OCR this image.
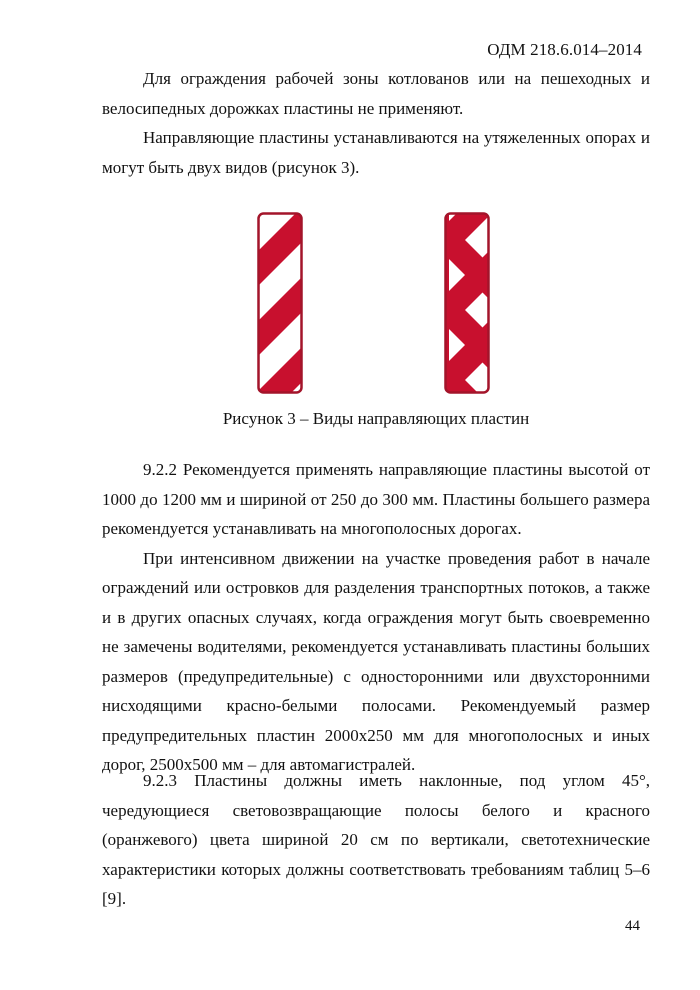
ОДМ 218.6.014–2014

Для ограждения рабочей зоны котлованов или на пешеходных и велосипедных дорожках пластины не применяют.

Направляющие пластины устанавливаются на утяжеленных опорах и могут быть двух видов (рисунок 3).

Рисунок 3 – Виды направляющих пластин

9.2.2 Рекомендуется применять направляющие пластины высотой от 1000 до 1200 мм и шириной от 250 до 300 мм. Пластины большего размера рекомендуется устанавливать на многополосных дорогах.

При интенсивном движении на участке проведения работ в начале ограждений или островков для разделения транспортных потоков, а также и в других опасных случаях, когда ограждения могут быть своевременно не замечены водителями, рекомендуется устанавливать пластины больших размеров (предупредительные) с односторонними или двухсторонними нисходящими красно-белыми полосами. Рекомендуемый размер предупредительных пластин 2000х250 мм для многополосных и иных дорог, 2500х500 мм – для автомагистралей.

9.2.3 Пластины должны иметь наклонные, под углом 45°, чередующиеся световозвращающие полосы белого и красного (оранжевого) цвета шириной 20 см по вертикали, светотехнические характеристики которых должны соответствовать требованиям таблиц 5–6 [9].

44
